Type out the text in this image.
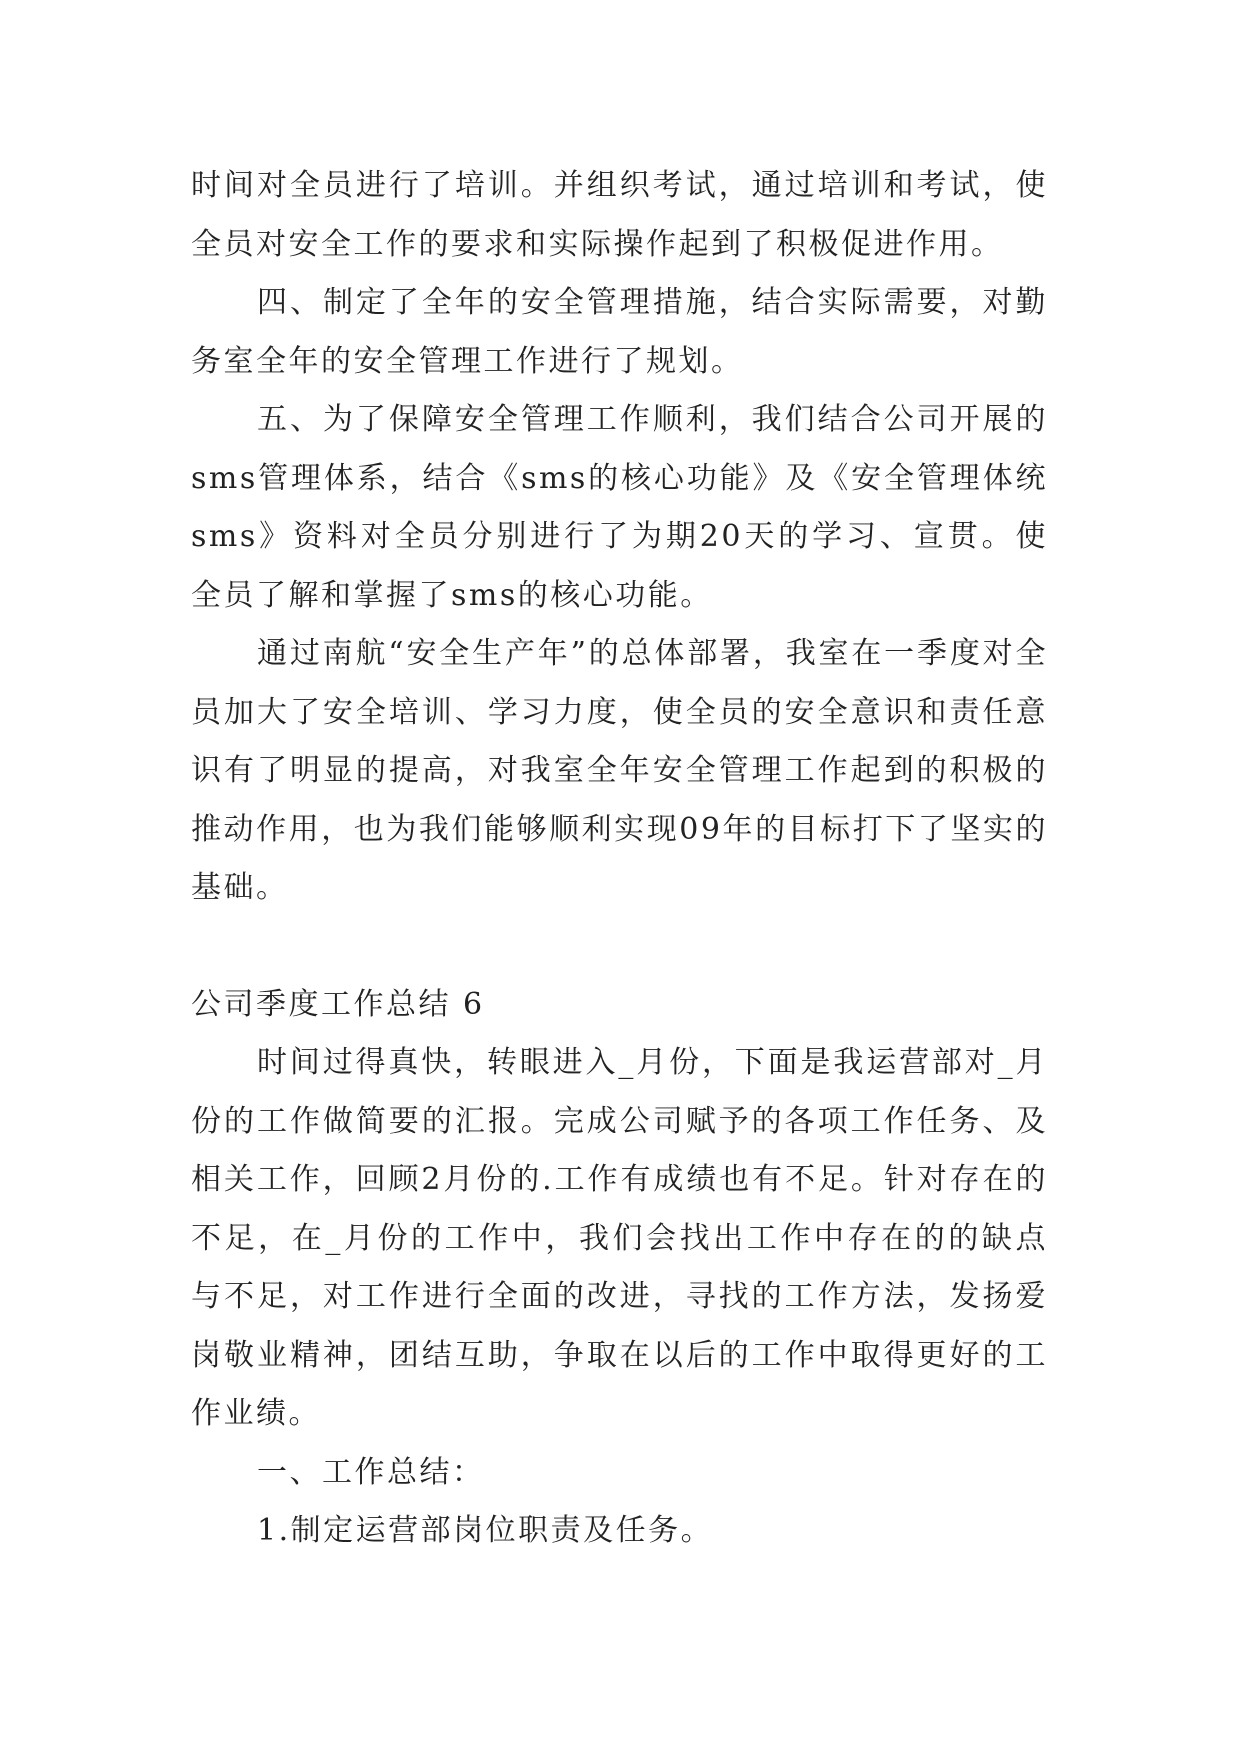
时间对全员进行了培训。并组织考试，通过培训和考试，使全员对安全工作的要求和实际操作起到了积极促进作用。

四、制定了全年的安全管理措施，结合实际需要，对勤务室全年的安全管理工作进行了规划。

五、为了保障安全管理工作顺利，我们结合公司开展的sms管理体系，结合《sms的核心功能》及《安全管理体统sms》资料对全员分别进行了为期20天的学习、宣贯。使全员了解和掌握了sms的核心功能。

通过南航“安全生产年”的总体部署，我室在一季度对全员加大了安全培训、学习力度，使全员的安全意识和责任意识有了明显的提高，对我室全年安全管理工作起到的积极的推动作用，也为我们能够顺利实现09年的目标打下了坚实的基础。

公司季度工作总结 6

时间过得真快，转眼进入_月份，下面是我运营部对_月份的工作做简要的汇报。完成公司赋予的各项工作任务、及相关工作，回顾2月份的.工作有成绩也有不足。针对存在的不足，在_月份的工作中，我们会找出工作中存在的的缺点与不足，对工作进行全面的改进，寻找的工作方法，发扬爱岗敬业精神，团结互助，争取在以后的工作中取得更好的工作业绩。

一、工作总结：

1.制定运营部岗位职责及任务。
